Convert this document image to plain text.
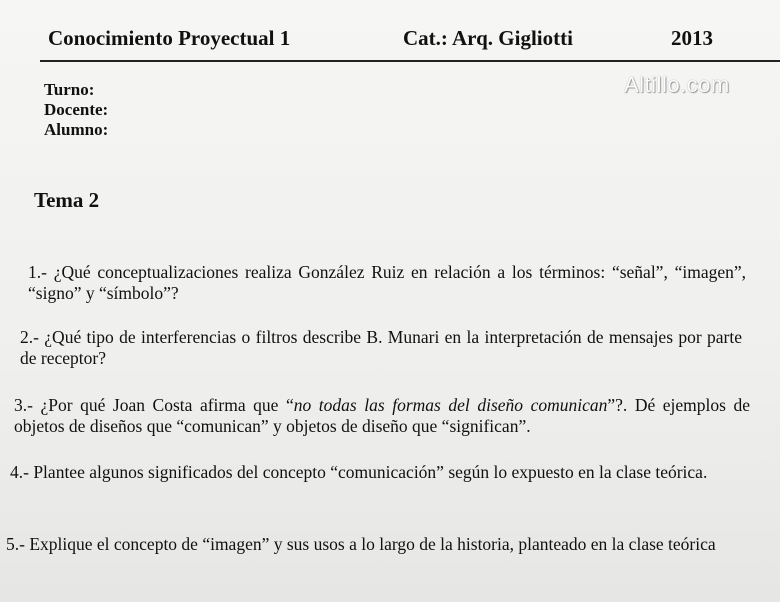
Conocimiento Proyectual 1	Cat.: Arq. Gigliotti	2013
Turno:
Docente:
Alumno:
Altillo.com
Tema 2
1.- ¿Qué conceptualizaciones realiza González Ruiz en relación a los términos: “señal”, “imagen”, “signo” y “símbolo”?
2.- ¿Qué tipo de interferencias o filtros describe B. Munari en la interpretación de mensajes por parte de receptor?
3.- ¿Por qué Joan Costa afirma que “no todas las formas del diseño comunican”?. Dé ejemplos de objetos de diseños que “comunican” y objetos de diseño que “significan”.
4.- Plantee algunos significados del concepto “comunicación” según lo expuesto en la clase teórica.
5.- Explique el concepto de “imagen” y sus usos a lo largo de la historia, planteado en la clase teórica
